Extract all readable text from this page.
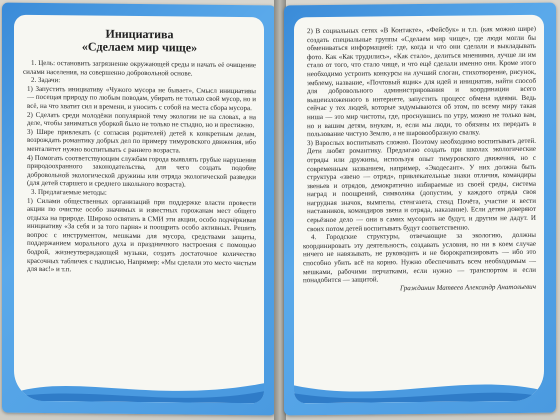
Инициатива
«Сделаем мир чище»

1. Цель: остановить загрязнение окружающей среды и начать её очищение силами населения, на совершенно добровольной основе.

2. Задачи:

1) Запустить инициативу «Чужого мусора не бывает», Смысл инициативы — посещая природу по любым поводам, убирать не только свой мусор, но и всё, на что хватит сил и времени, и уносить с собой на места сбора мусора.

2) Сделать среди молодёжи популярной тему экологии не на словах, а на деле, чтобы заниматься уборкой было не только не стыдно, но и престижно.

3) Шире привлекать (с согласия родителей) детей к конкретным делам, возрождать романтику добрых дел по примеру тимуровского движения, ибо менталитет нужно воспитывать с раннего возраста.

4) Помогать соответствующим службам города выявлять грубые нарушения природоохранного законодательства, для чего создать подобие добровольной экологической дружины или отряда экологической разведки (для детей старшего и среднего школьного возраста).

3. Предлагаемые методы:

1) Силами общественных организаций при поддержке власти провести акции по очистке особо значимых и известных горожанам мест общего отдыха на природе. Широко освятить в СМИ эти акции, особо подчёркивая инициативу «За себя и за того парня» и поощрить особо активных. Решить вопрос с инструментом, мешками для мусора, средствами защиты, поддержанием морального духа и праздничного настроения с помощью бодрой, жизнеутверждающей музыки, создать достаточное количество красочных табличек с надписью, Например: «Мы сделали это место чистым для вас!» и т.п.

2) В социальных сетях «В Контакте», «Фейсбук» и т.п. (как можно шире) создать специальные группы «Сделаем мир чище», где люди могли бы обмениваться информацией: где, когда и что они сделали и выкладывать фото. Как «Как трудились», «Как стало», делиться мнениями, лучше ли им стало от того, что стало чище, и что ещё сделали именно они. Кроме этого необходимо устроить конкурсы на лучший слоган, стихотворение, рисунок, эмблему, название, «Почтовый ящик» для идей и инициатив, найти способ для добровольного администрирования и координации всего вышеизложенного в интернете, запустить процесс обмена идеями. Ведь сейчас у тех людей, которые задумываются об этом, по всему миру такая ниша — это мир чистоты, где, проснувшись по утру, можно не только вам, но и вашим детям, внукам, и, если мы люди, то обязаны их передать в пользование чистую Землю, а не шаровообразную свалку.

3) Взрослых воспитывать сложно. Поэтому необходимо воспитывать детей. Дети любят романтику. Предлагаю создать при школах экологические отряды или дружины, используя опыт тимуровского движения, но с современным названием, например, «Экодесант». У них должна быть структура «звено — отряд», привлекательные знаки отличия, командиры звеньев и отрядов, демократично избираемые из своей среды, система наград и поощрений, символика (допустим, у каждого отряда своя нагрудная значок, вымпелы, стенгазета, стенд Почёта, участие и вести наставников, командиров звена и отряда, наказание). Если детям доверяют серьёзное дело — они в самих мусорить не будут, и другим не дадут. И своих потом детей воспитывать будут соответственно.

4. Городские структуры, отвечающие за экологию, должны координировать эту деятельность, создавать условия, но ни в коем случае ничего не навязывать, не руководить и не бюрократизировать — ибо это способно убить всё на корню. Нужно обеспечивать всем необходимым — мешками, рабочими перчатками, если нужно — транспортом и если понадобится — защитой.

Гражданин Матвеев Александр Анатольевич
